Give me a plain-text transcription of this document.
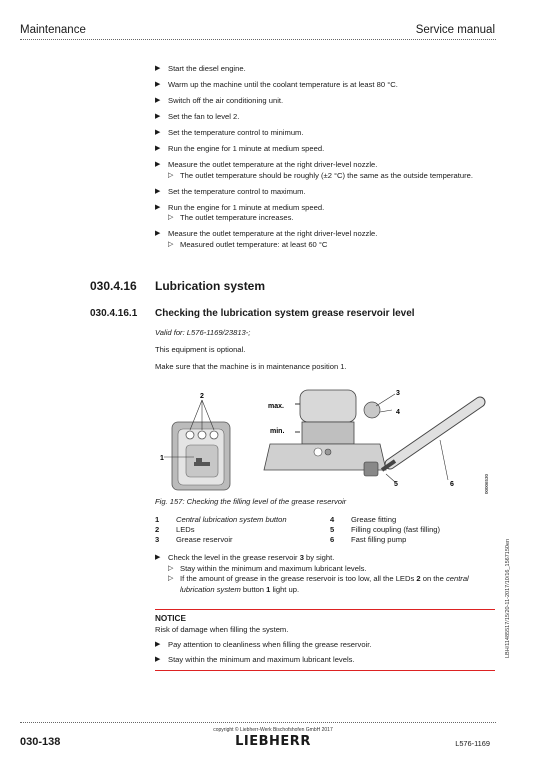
Maintenance	Service manual
▶	Start the diesel engine.
▶	Warm up the machine until the coolant temperature is at least 80 °C.
▶	Switch off the air conditioning unit.
▶	Set the fan to level 2.
▶	Set the temperature control to minimum.
▶	Run the engine for 1 minute at medium speed.
▶	Measure the outlet temperature at the right driver-level nozzle.
▷ The outlet temperature should be roughly (±2 °C) the same as the outside temperature.
▶	Set the temperature control to maximum.
▶	Run the engine for 1 minute at medium speed.
▷ The outlet temperature increases.
▶	Measure the outlet temperature at the right driver-level nozzle.
▷ Measured outlet temperature: at least 60 °C
030.4.16 Lubrication system
030.4.16.1 Checking the lubrication system grease reservoir level
Valid for: L576-1169/23813-;
This equipment is optional.
Make sure that the machine is in maintenance position 1.
max.
min.
1
2	3
4
5	6	00006530
Fig. 157: Checking the filling level of the grease reservoir
1	Central lubrication system button	4	Grease fitting
2	LEDs	5	Filling coupling (fast filling)
3	Grease reservoir	6	Fast filling pump
▶	Check the level in the grease reservoir 3 by sight.
▷ Stay within the minimum and maximum lubricant levels.
▷ If the amount of grease in the grease reservoir is too low, all the LEDs 2 on the central lubrication system button 1 light up.
NOTICE
Risk of damage when filling the system.
▶	Pay attention to cleanliness when filling the grease reservoir.
▶	Stay within the minimum and maximum lubricant levels.
LBH/11485517/15/20-11-2017/10/16_1567150en
030-138
copyright © Liebherr-Werk Bischofshofen GmbH 2017
LIEBHERR	L576-1169
